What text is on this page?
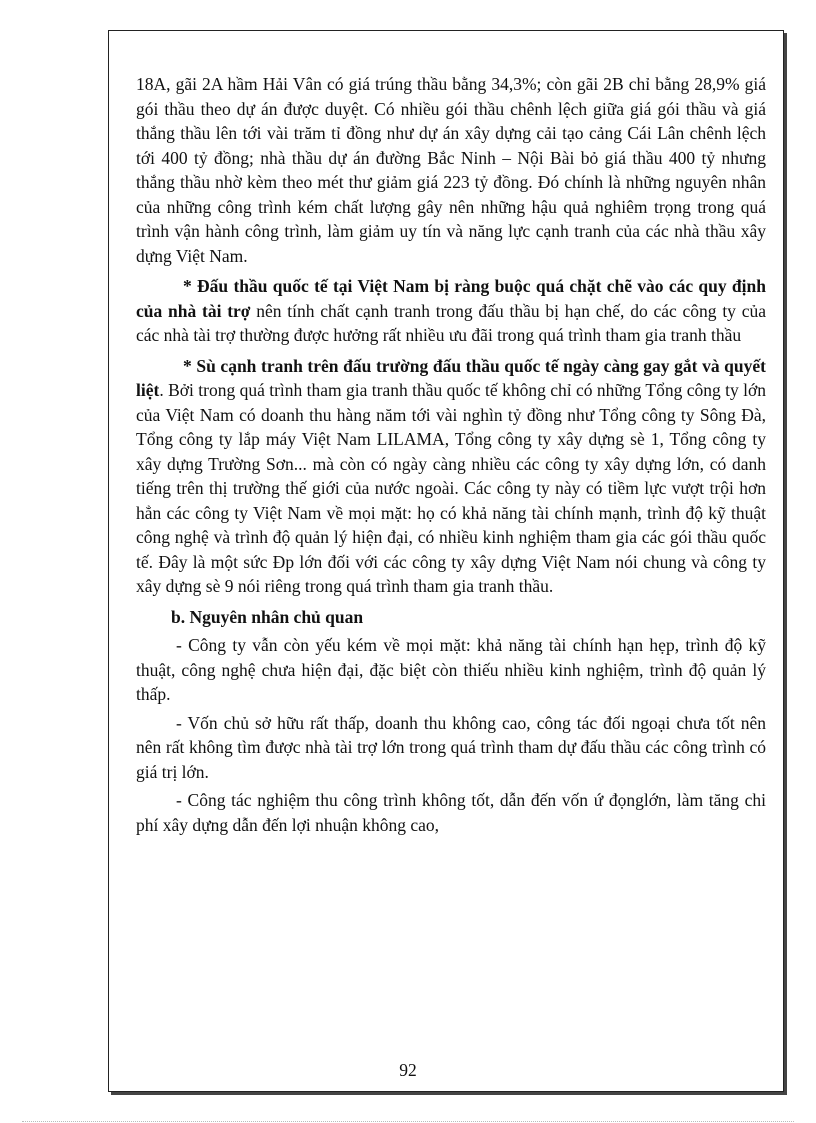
18A, gãi 2A hầm Hải Vân có giá trúng thầu bằng 34,3%; còn gãi 2B chỉ bằng 28,9% giá gói thầu theo dự án được duyệt. Có nhiều gói thầu chênh lệch giữa giá gói thầu và giá thắng thầu lên tới vài trăm tỉ đồng như dự án xây dựng cải tạo cảng Cái Lân chênh lệch tới 400 tỷ đồng; nhà thầu dự án đường Bắc Ninh – Nội Bài bỏ giá thầu 400 tỷ nhưng thắng thầu nhờ kèm theo mét thư giảm giá 223 tỷ đồng. Đó chính là những nguyên nhân của những công trình kém chất lượng gây nên những hậu quả nghiêm trọng trong quá trình vận hành công trình, làm giảm uy tín và năng lực cạnh tranh của các nhà thầu xây dựng Việt Nam.

* Đấu thầu quốc tế tại Việt Nam bị ràng buộc quá chặt chẽ vào các quy định của nhà tài trợ nên tính chất cạnh tranh trong đấu thầu bị hạn chế, do các công ty của các nhà tài trợ thường được hưởng rất nhiều ưu đãi trong quá trình tham gia tranh thầu

* Sù cạnh tranh trên đấu trường đấu thầu quốc tế ngày càng gay gắt và quyết liệt. Bởi trong quá trình tham gia tranh thầu quốc tế không chỉ có những Tổng công ty lớn của Việt Nam có doanh thu hàng năm tới vài nghìn tỷ đồng như Tổng công ty Sông Đà, Tổng công ty lắp máy Việt Nam LILAMA, Tổng công ty xây dựng sè 1, Tổng công ty xây dựng Trường Sơn... mà còn có ngày càng nhiều các công ty xây dựng lớn, có danh tiếng trên thị trường thế giới của nước ngoài. Các công ty này có tiềm lực vượt trội hơn hẳn các công ty Việt Nam về mọi mặt: họ có khả năng tài chính mạnh, trình độ kỹ thuật công nghệ và trình độ quản lý hiện đại, có nhiều kinh nghiệm tham gia các gói thầu quốc tế. Đây là một sức Ðp lớn đối với các công ty xây dựng Việt Nam nói chung và công ty xây dựng sè 9 nói riêng trong quá trình tham gia tranh thầu.

b. Nguyên nhân chủ quan

- Công ty vẫn còn yếu kém về mọi mặt: khả năng tài chính hạn hẹp, trình độ kỹ thuật, công nghệ chưa hiện đại, đặc biệt còn thiếu nhiều kinh nghiệm, trình độ quản lý thấp.

- Vốn chủ sở hữu rất thấp, doanh thu không cao, công tác đối ngoại chưa tốt nên nên rất không tìm được nhà tài trợ lớn trong quá trình tham dự đấu thầu các công trình có giá trị lớn.

- Công tác nghiệm thu công trình không tốt, dẫn đến vốn ứ đọnglớn, làm tăng chi phí xây dựng dẫn đến lợi nhuận không cao,

92
